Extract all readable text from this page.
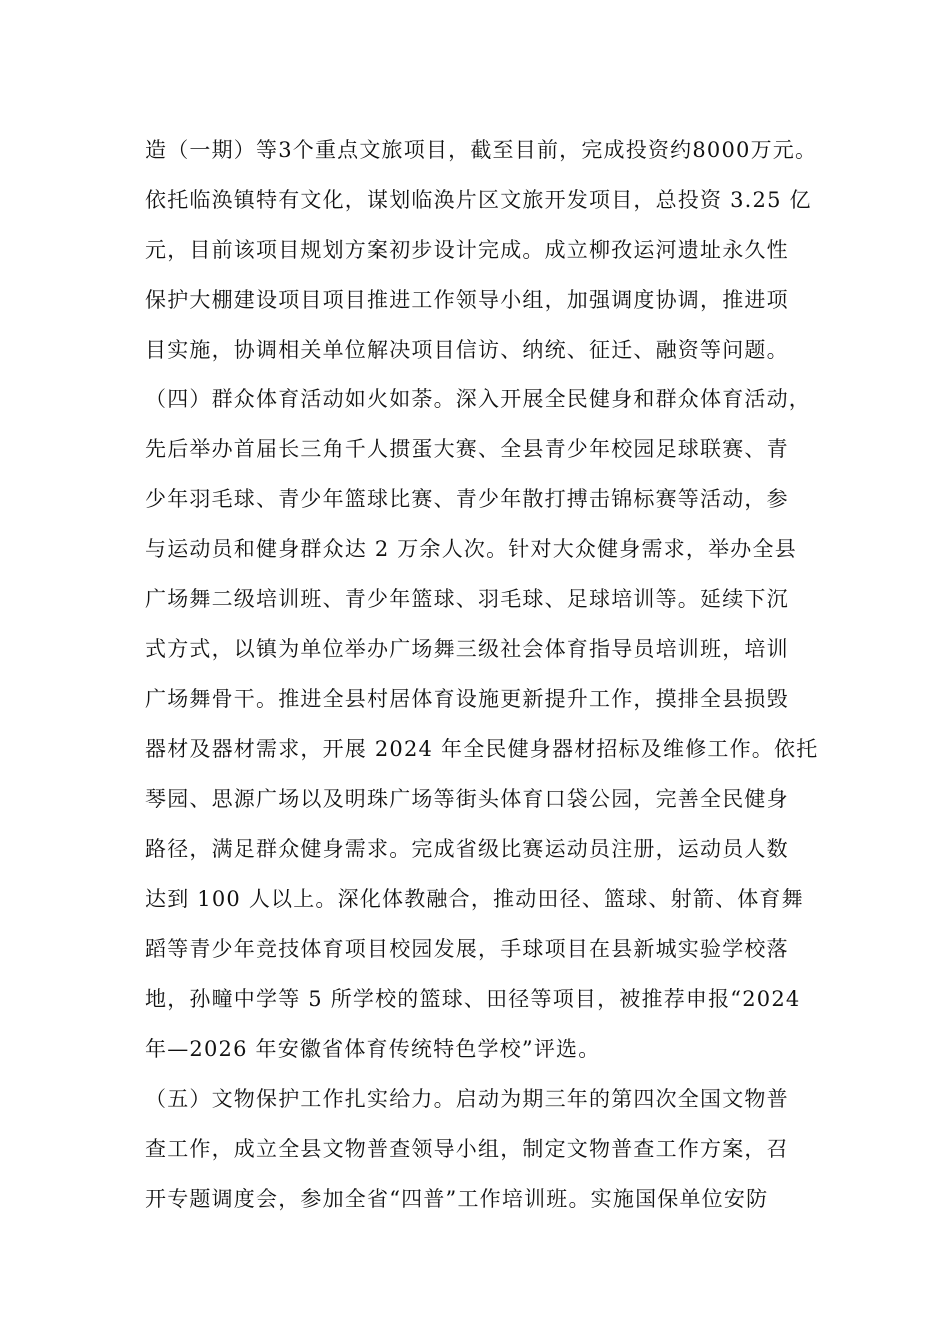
造（一期）等3个重点文旅项目，截至目前，完成投资约8000万元。
依托临涣镇特有文化，谋划临涣片区文旅开发项目，总投资 3.25 亿
元，目前该项目规划方案初步设计完成。成立柳孜运河遗址永久性
保护大棚建设项目项目推进工作领导小组，加强调度协调，推进项
目实施，协调相关单位解决项目信访、纳统、征迁、融资等问题。
（四）群众体育活动如火如荼。深入开展全民健身和群众体育活动，
先后举办首届长三角千人掼蛋大赛、全县青少年校园足球联赛、青
少年羽毛球、青少年篮球比赛、青少年散打搏击锦标赛等活动，参
与运动员和健身群众达 2 万余人次。针对大众健身需求，举办全县
广场舞二级培训班、青少年篮球、羽毛球、足球培训等。延续下沉
式方式，以镇为单位举办广场舞三级社会体育指导员培训班，培训
广场舞骨干。推进全县村居体育设施更新提升工作，摸排全县损毁
器材及器材需求，开展 2024 年全民健身器材招标及维修工作。依托
琴园、思源广场以及明珠广场等街头体育口袋公园，完善全民健身
路径，满足群众健身需求。完成省级比赛运动员注册，运动员人数
达到 100 人以上。深化体教融合，推动田径、篮球、射箭、体育舞
蹈等青少年竞技体育项目校园发展，手球项目在县新城实验学校落
地，孙疃中学等 5 所学校的篮球、田径等项目，被推荐申报“2024
年—2026 年安徽省体育传统特色学校”评选。
（五）文物保护工作扎实给力。启动为期三年的第四次全国文物普
查工作，成立全县文物普查领导小组，制定文物普查工作方案，召
开专题调度会，参加全省“四普”工作培训班。实施国保单位安防
